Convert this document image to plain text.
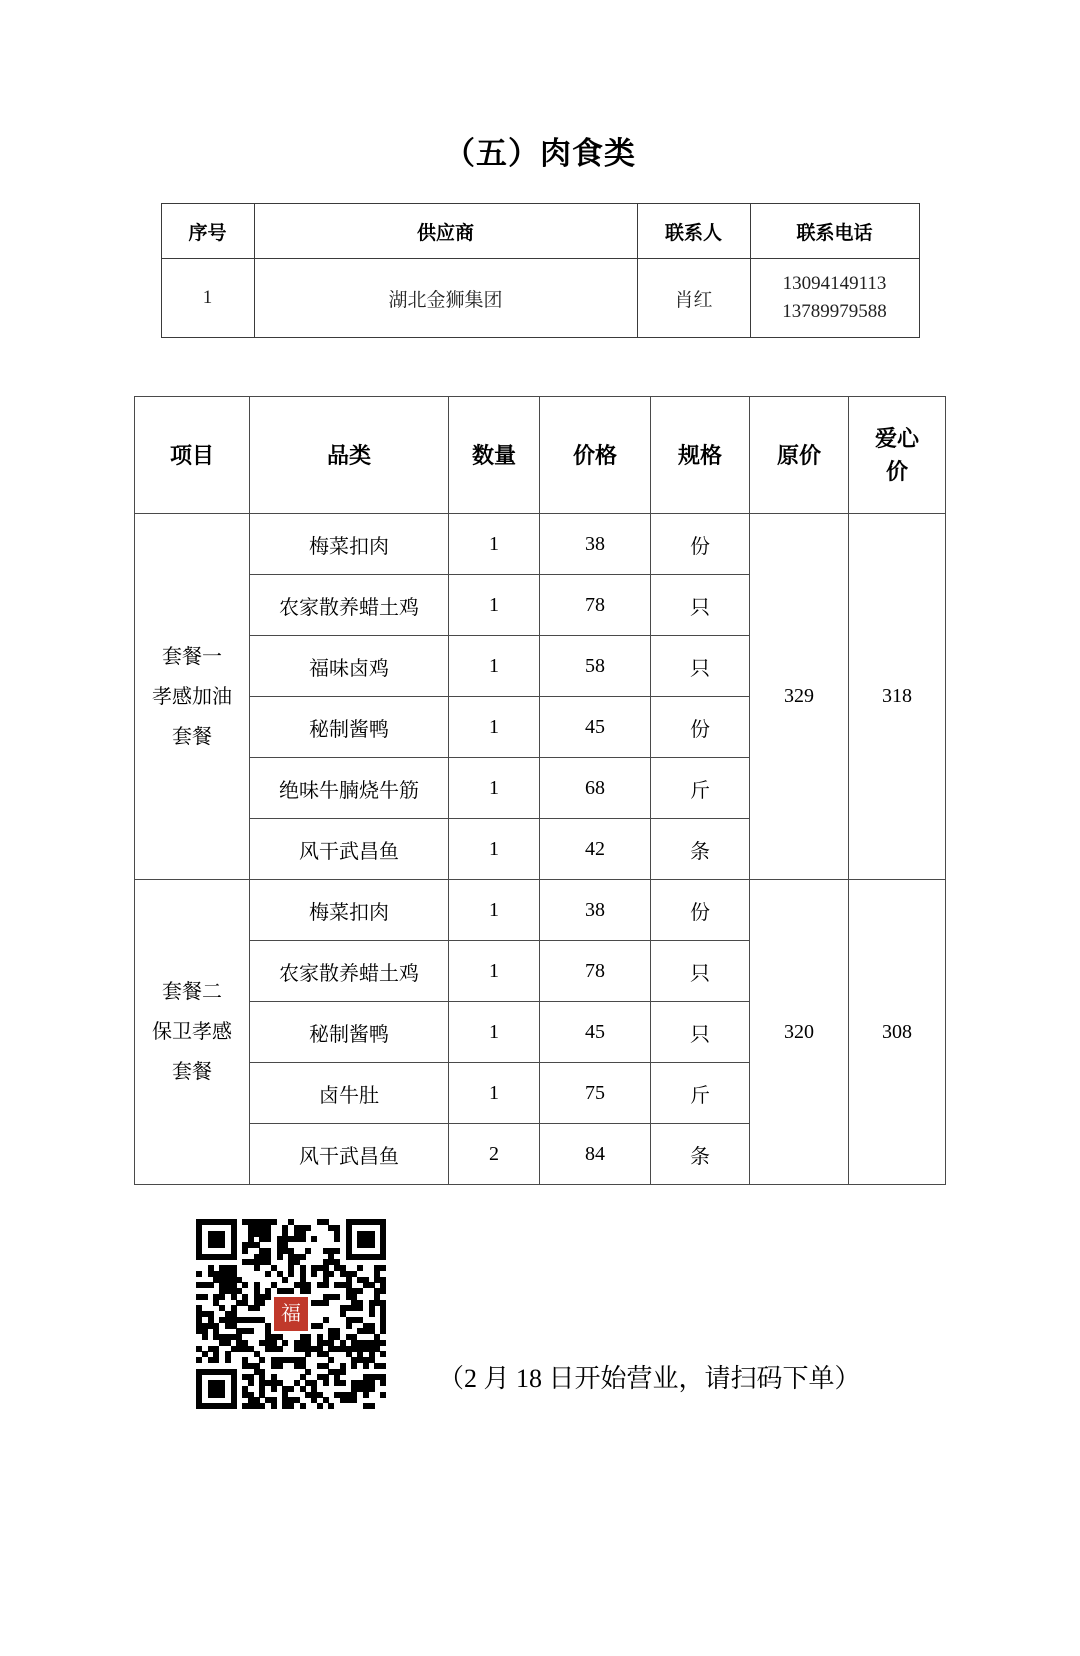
（五）肉食类
序号	供应商	联系人	联系电话
1	湖北金狮集团	肖红	13094149113
13789979588
项目	品类	数量	价格	规格	原价	爱心
价

套餐一
孝感加油
套餐	梅菜扣肉	1	38	份	329	318
	农家散养蜡土鸡	1	78	只		
	福味卤鸡	1	58	只		
	秘制酱鸭	1	45	份		
	绝味牛腩烧牛筋	1	68	斤		
	风干武昌鱼	1	42	条		

套餐二
保卫孝感
套餐	梅菜扣肉	1	38	份	320	308
	农家散养蜡土鸡	1	78	只		
	秘制酱鸭	1	45	只		
	卤牛肚	1	75	斤		
	风干武昌鱼	2	84	条		
福
（2 月 18 日开始营业，请扫码下单）
